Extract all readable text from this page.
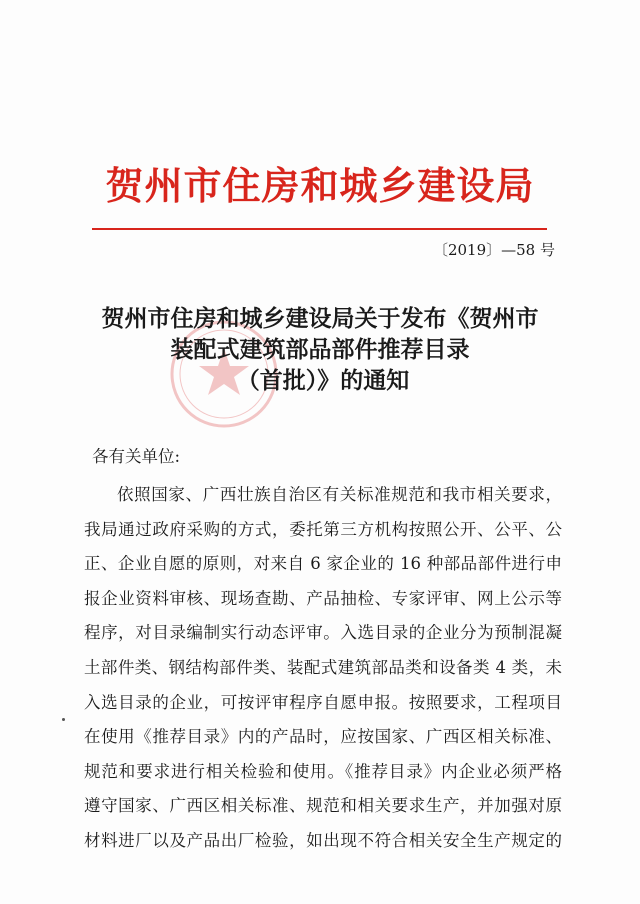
贺州市住房和城乡建设局
〔2019〕—58 号
贺州市住房和城乡建设局关于发布《贺州市
装配式建筑部品部件推荐目录
（首批）》的通知
各有关单位:
依照国家、广西壮族自治区有关标准规范和我市相关要求，
我局通过政府采购的方式，委托第三方机构按照公开、公平、公
正、企业自愿的原则，对来自 6 家企业的 16 种部品部件进行申
报企业资料审核、现场查勘、产品抽检、专家评审、网上公示等
程序，对目录编制实行动态评审。入选目录的企业分为预制混凝
土部件类、钢结构部件类、装配式建筑部品类和设备类 4 类，未
入选目录的企业，可按评审程序自愿申报。按照要求，工程项目
在使用《推荐目录》内的产品时，应按国家、广西区相关标准、
规范和要求进行相关检验和使用。《推荐目录》内企业必须严格
遵守国家、广西区相关标准、规范和相关要求生产，并加强对原
材料进厂以及产品出厂检验，如出现不符合相关安全生产规定的
